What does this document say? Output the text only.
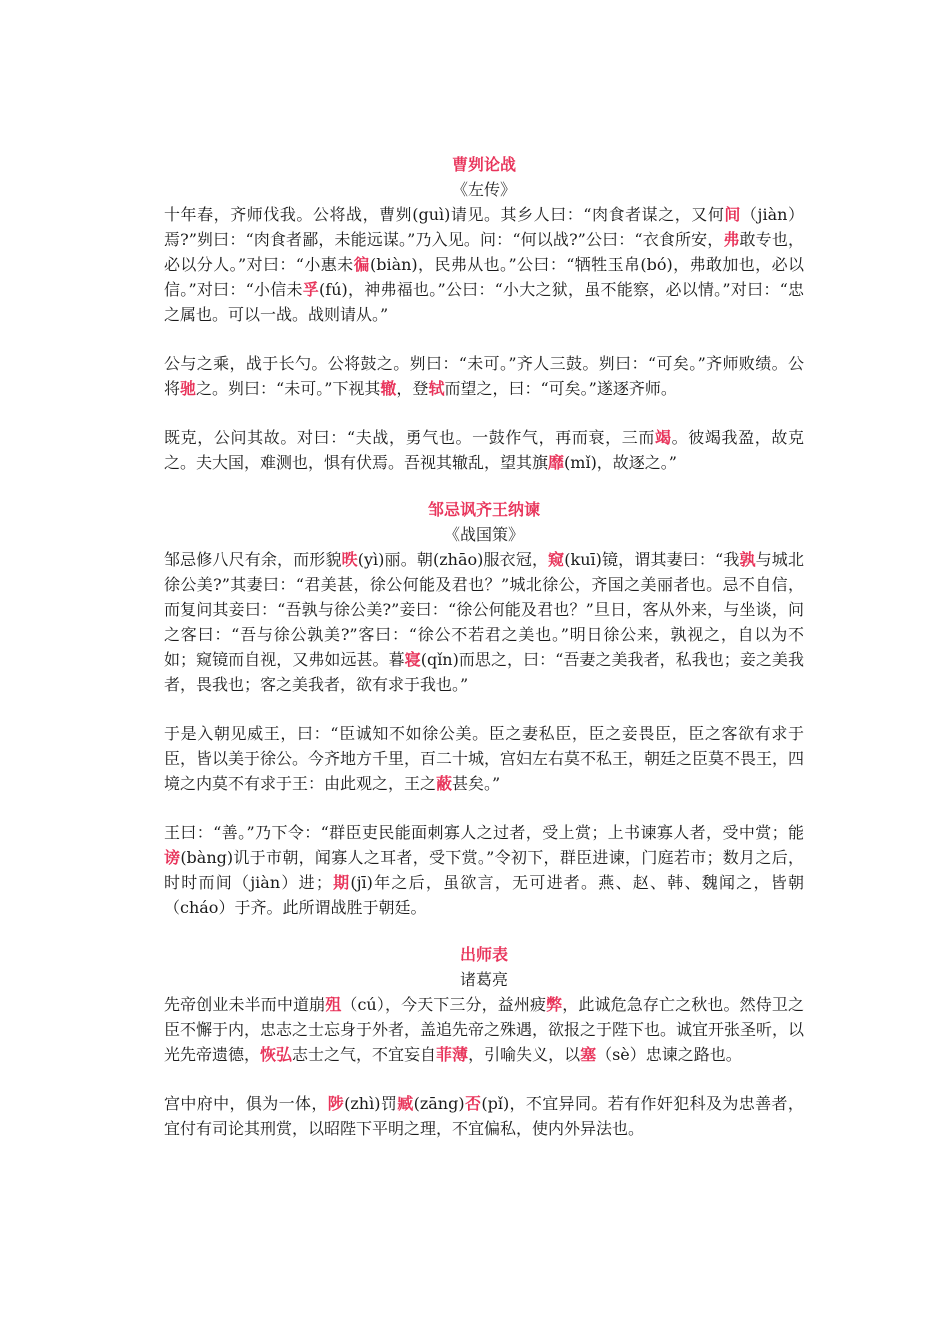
曹刿论战
《左传》

十年春，齐师伐我。公将战，曹刿(guì)请见。其乡人曰：“肉食者谋之，又何间（jiàn）焉?”刿曰：“肉食者鄙，未能远谋。”乃入见。问：“何以战?”公曰：“衣食所安，弗敢专也，必以分人。”对曰：“小惠未徧(biàn)，民弗从也。”公曰：“牺牲玉帛(bó)，弗敢加也，必以信。”对曰：“小信未孚(fú)，神弗福也。”公曰：“小大之狱，虽不能察，必以情。”对曰：“忠之属也。可以一战。战则请从。”

公与之乘，战于长勺。公将鼓之。刿曰：“未可。”齐人三鼓。刿曰：“可矣。”齐师败绩。公将驰之。刿曰：“未可。”下视其辙，登轼而望之，曰：“可矣。”遂逐齐师。

既克，公问其故。对曰：“夫战，勇气也。一鼓作气，再而衰，三而竭。彼竭我盈，故克之。夫大国，难测也，惧有伏焉。吾视其辙乱，望其旗靡(mǐ)，故逐之。”

邹忌讽齐王纳谏
《战国策》

邹忌修八尺有余，而形貌昳(yì)丽。朝(zhāo)服衣冠，窥(kuī)镜，谓其妻曰：“我孰与城北徐公美?”其妻曰：“君美甚，徐公何能及君也？”城北徐公，齐国之美丽者也。忌不自信，而复问其妾曰：“吾孰与徐公美?”妾曰：“徐公何能及君也？”旦日，客从外来，与坐谈，问之客曰：“吾与徐公孰美?”客曰：“徐公不若君之美也。”明日徐公来，孰视之，自以为不如；窥镜而自视，又弗如远甚。暮寝(qǐn)而思之，曰：“吾妻之美我者，私我也；妾之美我者，畏我也；客之美我者，欲有求于我也。”

于是入朝见威王，曰：“臣诚知不如徐公美。臣之妻私臣，臣之妾畏臣，臣之客欲有求于臣，皆以美于徐公。今齐地方千里，百二十城，宫妇左右莫不私王，朝廷之臣莫不畏王，四境之内莫不有求于王：由此观之，王之蔽甚矣。”

王曰：“善。”乃下令：“群臣吏民能面刺寡人之过者，受上赏；上书谏寡人者，受中赏；能谤(bàng)讥于市朝，闻寡人之耳者，受下赏。”令初下，群臣进谏，门庭若市；数月之后，时时而间（jiàn）进；期(jī)年之后，虽欲言，无可进者。燕、赵、韩、魏闻之，皆朝（cháo）于齐。此所谓战胜于朝廷。

出师表
诸葛亮

先帝创业未半而中道崩殂（cú），今天下三分，益州疲弊，此诚危急存亡之秋也。然侍卫之臣不懈于内，忠志之士忘身于外者，盖追先帝之殊遇，欲报之于陛下也。诚宜开张圣听，以光先帝遗德，恢弘志士之气，不宜妄自菲薄，引喻失义，以塞（sè）忠谏之路也。

宫中府中，俱为一体，陟(zhì)罚臧(zāng)否(pǐ)，不宜异同。若有作奸犯科及为忠善者，宜付有司论其刑赏，以昭陛下平明之理，不宜偏私，使内外异法也。
